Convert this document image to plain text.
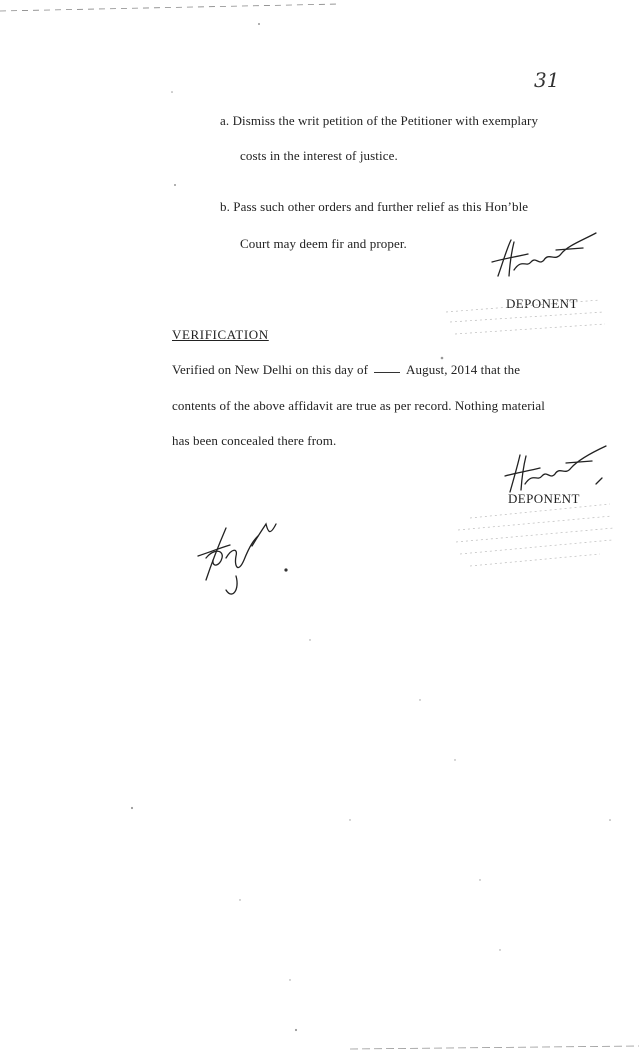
31
a. Dismiss the writ petition of the Petitioner with exemplary
costs in the interest of justice.
b. Pass such other orders and further relief as this Hon’ble
Court may deem fir and proper.
DEPONENT
VERIFICATION
Verified on New Delhi on this day of	August, 2014 that the
contents of the above affidavit are true as per record. Nothing material
has been concealed there from.
DEPONENT
